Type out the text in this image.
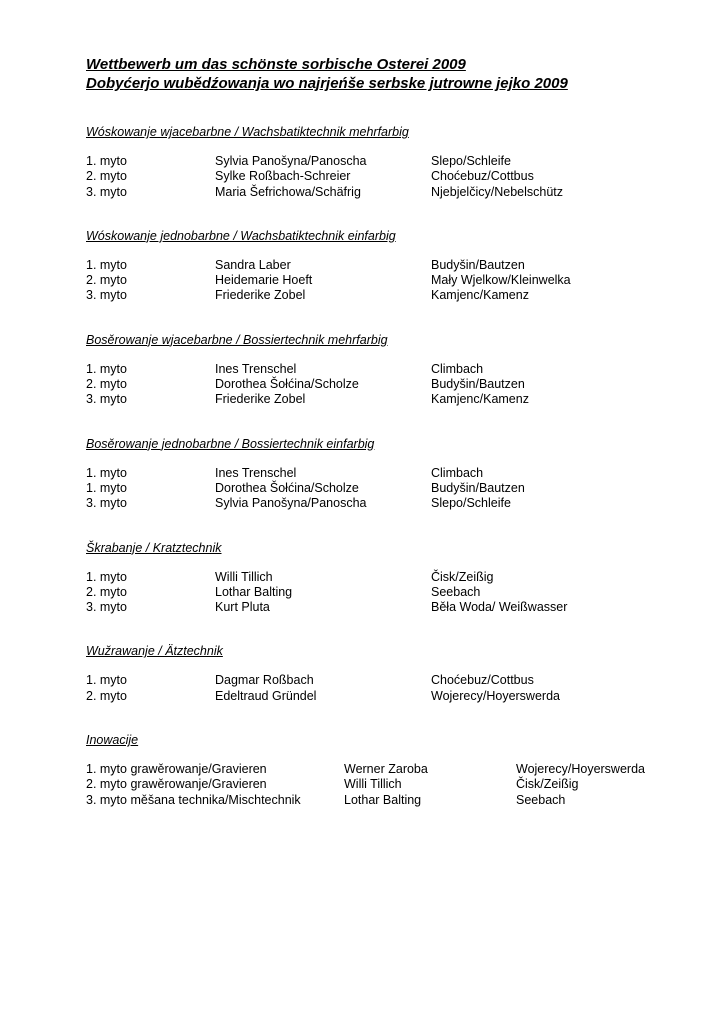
Wettbewerb um das schönste sorbische Osterei 2009

Dobyćerjo wubědźowanja wo najrjeńše serbske jutrowne jejko 2009

Wóskowanje wjacebarbne / Wachsbatiktechnik mehrfarbig

1. myto	Sylvia Panošyna/Panoscha	Slepo/Schleife
2. myto	Sylke Roßbach-Schreier	Choćebuz/Cottbus
3. myto	Maria Šefrichowa/Schäfrig	Njebjelčicy/Nebelschütz

Wóskowanje jednobarbne / Wachsbatiktechnik einfarbig

1. myto	Sandra Laber	Budyšin/Bautzen
2. myto	Heidemarie Hoeft	Mały Wjelkow/Kleinwelka
3. myto	Friederike Zobel	Kamjenc/Kamenz

Bosěrowanje wjacebarbne / Bossiertechnik mehrfarbig

1. myto	Ines Trenschel	Climbach
2. myto	Dorothea Šołćina/Scholze	Budyšin/Bautzen
3. myto	Friederike Zobel	Kamjenc/Kamenz

Bosěrowanje jednobarbne / Bossiertechnik einfarbig

1. myto	Ines Trenschel	Climbach
1. myto	Dorothea Šołćina/Scholze	Budyšin/Bautzen
3. myto	Sylvia Panošyna/Panoscha	Slepo/Schleife

Škrabanje / Kratztechnik

1. myto	Willi Tillich	Čisk/Zeißig
2. myto	Lothar Balting	Seebach
3. myto	Kurt Pluta	Běła Woda/ Weißwasser

Wužrawanje / Ätztechnik

1. myto	Dagmar Roßbach	Choćebuz/Cottbus
2. myto	Edeltraud Gründel	Wojerecy/Hoyerswerda

Inowacije

1. myto grawěrowanje/Gravieren	Werner Zaroba	Wojerecy/Hoyerswerda
2. myto grawěrowanje/Gravieren	Willi Tillich	Čisk/Zeißig
3. myto měšana technika/Mischtechnik	Lothar Balting	Seebach
